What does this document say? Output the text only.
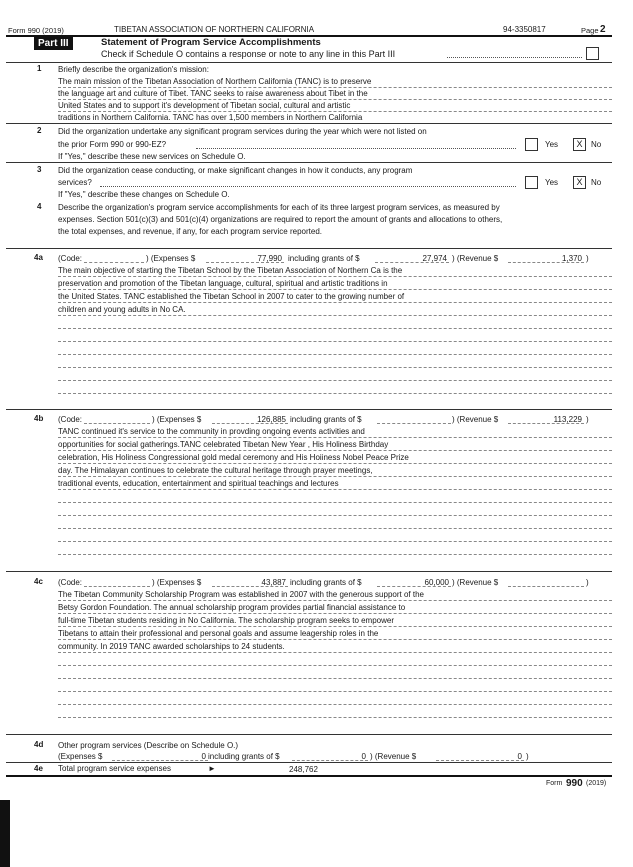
Form 990 (2019)	TIBETAN ASSOCIATION OF NORTHERN CALIFORNIA	94-3350817	Page 2
Part III	Statement of Program Service Accomplishments
Check if Schedule O contains a response or note to any line in this Part III
1 Briefly describe the organization's mission:
The main mission of the Tibetan Association of Northern California (TANC) is to preserve
the language art and culture of Tibet. TANC seeks to raise awareness about Tibet in the
United States and to support it's development of Tibetan social, cultural and artistic
traditions in Northern California. TANC has over 1,500 members in Northern California
2 Did the organization undertake any significant program services during the year which were not listed on
the prior Form 990 or 990-EZ?	Yes	X	No
If "Yes," describe these new services on Schedule O.
3 Did the organization cease conducting, or make significant changes in how it conducts, any program
services?	Yes	X	No
If "Yes," describe these changes on Schedule O.
4 Describe the organization's program service accomplishments for each of its three largest program services, as measured by
expenses. Section 501(c)(3) and 501(c)(4) organizations are required to report the amount of grants and allocations to others,
the total expenses, and revenue, if any, for each program service reported.
4a (Code:	) (Expenses $	77,990 including grants of $	27,974 ) (Revenue $	1,370 )
The main objective of starting the Tibetan School by the Tibetan Association of Northern Ca is the
preservation and promotion of the Tibetan language, cultural, spiritual and artistic traditions in
the United States. TANC established the Tibetan School in 2007 to cater to the growing number of
children and young adults in No CA.
4b (Code:	) (Expenses $	126,885 including grants of $	) (Revenue $	113,229 )
TANC continued it's service to the community in provding ongoing events activities and
opportunities for social gatherings.TANC celebrated Tibetan New Year , His Holiness Birthday
celebration, His Holiness Congressional gold medal ceremony and His Hoiiness Nobel Peace Prize
day. The Himalayan continues to celebrate the cultural heritage through prayer meetings,
traditional events, education, entertainment and spiritual teachings and lectures
4c (Code:	) (Expenses $	43,887 including grants of $	60,000 ) (Revenue $	)
The Tibetan Community Scholarship Program was established in 2007 with the generous support of the
Betsy Gordon Foundation. The annual scholarship program provides partial financial assistance to
full-time Tibetan students residing in No California. The scholarship program seeks to empower
Tibetans to attain their professional and personal goals and assume leagership roles in the
community. In 2019 TANC awarded scholarships to 24 students.
4d Other program services (Describe on Schedule O.)
(Expenses $	0 including grants of $	0 ) (Revenue $	0 )
4e Total program service expenses	►	248,762
Form 990 (2019)
